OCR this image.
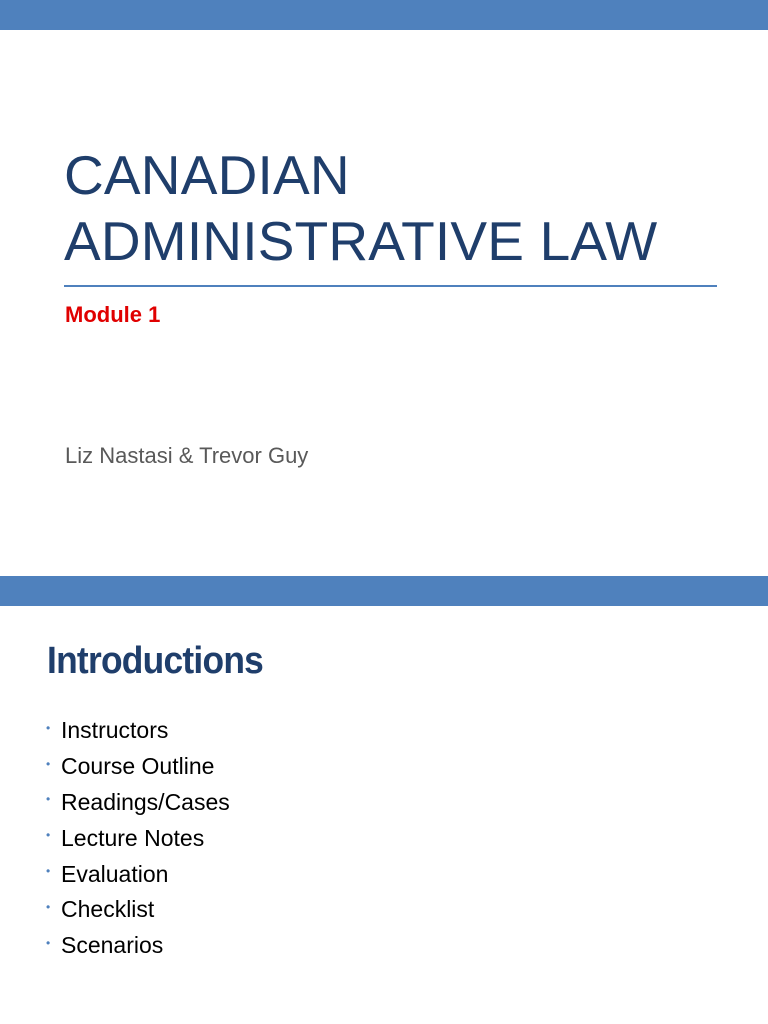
CANADIAN
ADMINISTRATIVE LAW
Module 1
Liz Nastasi & Trevor Guy
Introductions
• Instructors
• Course Outline
• Readings/Cases
• Lecture Notes
• Evaluation
• Checklist
• Scenarios
